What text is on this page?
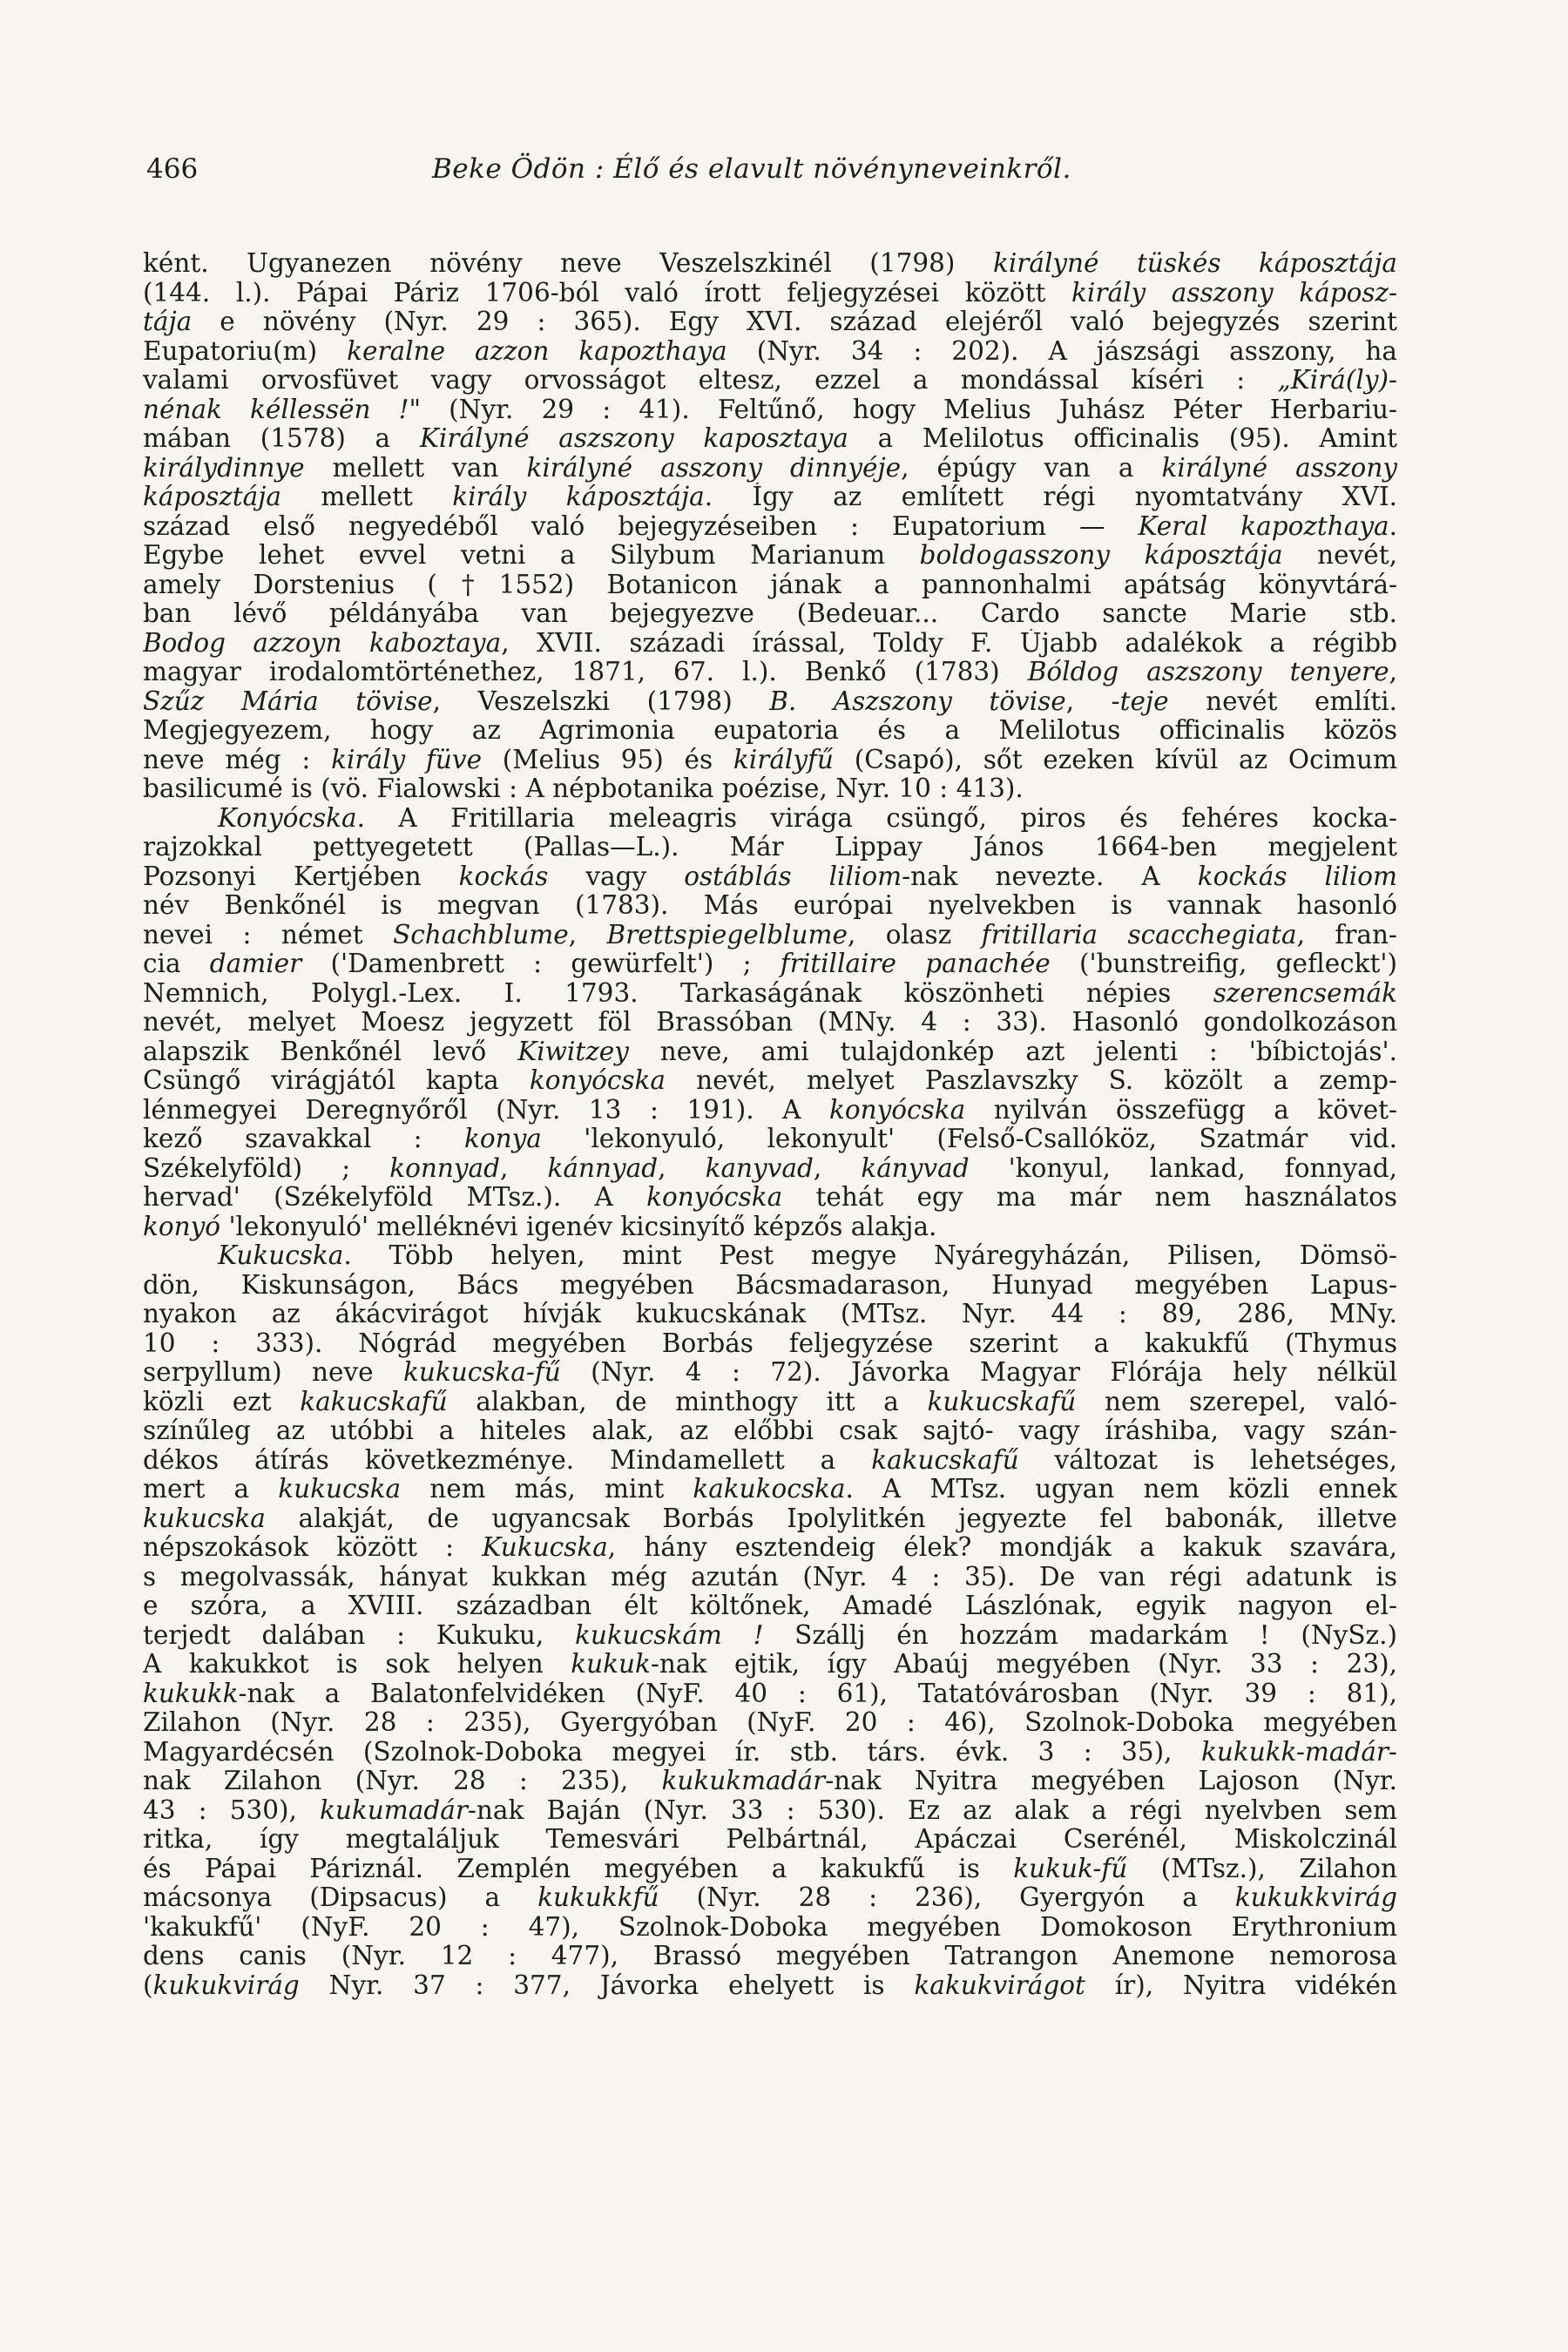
466	Beke Ödön : Élő és elavult növényneveinkről.
ként. Ugyanezen növény neve Veszelszkinél (1798) királyné tüskés káposztája
(144. l.). Pápai Páriz 1706-ból való írott feljegyzései között király asszony káposz-
tája e növény (Nyr. 29 : 365). Egy XVI. század elejéről való bejegyzés szerint
Eupatoriu(m) keralne azzon kapozthaya (Nyr. 34 : 202). A jászsági asszony, ha
valami orvosfüvet vagy orvosságot eltesz, ezzel a mondással kíséri : „Kirá(ly)-
nénak kéllessën !" (Nyr. 29 : 41). Feltűnő, hogy Melius Juhász Péter Herbariu-
mában (1578) a Királyné aszszony kaposztaya a Melilotus officinalis (95). Amint
királydinnye mellett van királyné asszony dinnyéje, épúgy van a királyné asszony
káposztája mellett király káposztája. Így az említett régi nyomtatvány XVI.
század első negyedéből való bejegyzéseiben : Eupatorium — Keral kapozthaya.
Egybe lehet evvel vetni a Silybum Marianum boldogasszony káposztája nevét,
amely Dorstenius (†1552) Botanicon jának a pannonhalmi apátság könyvtárá-
ban lévő példányába van bejegyezve (Bedeuar... Cardo sancte Marie stb.
Bodog azzoyn kaboztaya, XVII. századi írással, Toldy F. Újabb adalékok a régibb
magyar irodalomtörténethez, 1871, 67. l.). Benkő (1783) Bóldog aszszony tenyere,
Szűz Mária tövise, Veszelszki (1798) B. Aszszony tövise, -teje nevét említi.
Megjegyezem, hogy az Agrimonia eupatoria és a Melilotus officinalis közös
neve még : király füve (Melius 95) és királyfű (Csapó), sőt ezeken kívül az Ocimum
basilicumé is (vö. Fialowski : A népbotanika poézise, Nyr. 10 : 413).
Konyócska. A Fritillaria meleagris virága csüngő, piros és fehéres kocka-
rajzokkal pettyegetett (Pallas—L.). Már Lippay János 1664-ben megjelent
Pozsonyi Kertjében kockás vagy ostáblás liliom-nak nevezte. A kockás liliom
név Benkőnél is megvan (1783). Más európai nyelvekben is vannak hasonló
nevei : német Schachblume, Brettspiegelblume, olasz fritillaria scacchegiata, fran-
cia damier ('Damenbrett : gewürfelt') ; fritillaire panachée ('bunstreifig, gefleckt')
Nemnich, Polygl.-Lex. I. 1793. Tarkaságának köszönheti népies szerencsemák
nevét, melyet Moesz jegyzett föl Brassóban (MNy. 4 : 33). Hasonló gondolkozáson
alapszik Benkőnél levő Kiwitzey neve, ami tulajdonkép azt jelenti : 'bíbictojás'.
Csüngő virágjától kapta konyócska nevét, melyet Paszlavszky S. közölt a zemp-
lénmegyei Deregnyőről (Nyr. 13 : 191). A konyócska nyilván összefügg a követ-
kező szavakkal : konya 'lekonyuló, lekonyult' (Felső-Csallóköz, Szatmár vid.
Székelyföld) ; konnyad, kánnyad, kanyvad, kányvad 'konyul, lankad, fonnyad,
hervad' (Székelyföld MTsz.). A konyócska tehát egy ma már nem használatos
konyó 'lekonyuló' melléknévi igenév kicsinyítő képzős alakja.
Kukucska. Több helyen, mint Pest megye Nyáregyházán, Pilisen, Dömsö-
dön, Kiskunságon, Bács megyében Bácsmadarason, Hunyad megyében Lapus-
nyakon az ákácvirágot hívják kukucskának (MTsz. Nyr. 44 : 89, 286, MNy.
10 : 333). Nógrád megyében Borbás feljegyzése szerint a kakukfű (Thymus
serpyllum) neve kukucska-fű (Nyr. 4 : 72). Jávorka Magyar Flórája hely nélkül
közli ezt kakucskafű alakban, de minthogy itt a kukucskafű nem szerepel, való-
színűleg az utóbbi a hiteles alak, az előbbi csak sajtó- vagy íráshiba, vagy szán-
dékos átírás következménye. Mindamellett a kakucskafű változat is lehetséges,
mert a kukucska nem más, mint kakukocska. A MTsz. ugyan nem közli ennek
kukucska alakját, de ugyancsak Borbás Ipolylitkén jegyezte fel babonák, illetve
népszokások között : Kukucska, hány esztendeig élek? mondják a kakuk szavára,
s megolvassák, hányat kukkan még azután (Nyr. 4 : 35). De van régi adatunk is
e szóra, a XVIII. században élt költőnek, Amadé Lászlónak, egyik nagyon el-
terjedt dalában : Kukuku, kukucskám ! Szállj én hozzám madarkám ! (NySz.)
A kakukkot is sok helyen kukuk-nak ejtik, így Abaúj megyében (Nyr. 33 : 23),
kukukk-nak a Balatonfelvidéken (NyF. 40 : 61), Tatatóvárosban (Nyr. 39 : 81),
Zilahon (Nyr. 28 : 235), Gyergyóban (NyF. 20 : 46), Szolnok-Doboka megyében
Magyardécsén (Szolnok-Doboka megyei ír. stb. társ. évk. 3 : 35), kukukk-madár-
nak Zilahon (Nyr. 28 : 235), kukukmadár-nak Nyitra megyében Lajoson (Nyr.
43 : 530), kukumadár-nak Baján (Nyr. 33 : 530). Ez az alak a régi nyelvben sem
ritka, így megtaláljuk Temesvári Pelbártnál, Apáczai Cserénél, Miskolczinál
és Pápai Páriznál. Zemplén megyében a kakukfű is kukuk-fű (MTsz.), Zilahon
mácsonya (Dipsacus) a kukukkfű (Nyr. 28 : 236), Gyergyón a kukukkvirág
'kakukfű' (NyF. 20 : 47), Szolnok-Doboka megyében Domokoson Erythronium
dens canis (Nyr. 12 : 477), Brassó megyében Tatrangon Anemone nemorosa
(kukukvirág Nyr. 37 : 377, Jávorka ehelyett is kakukvirágot ír), Nyitra vidékén
